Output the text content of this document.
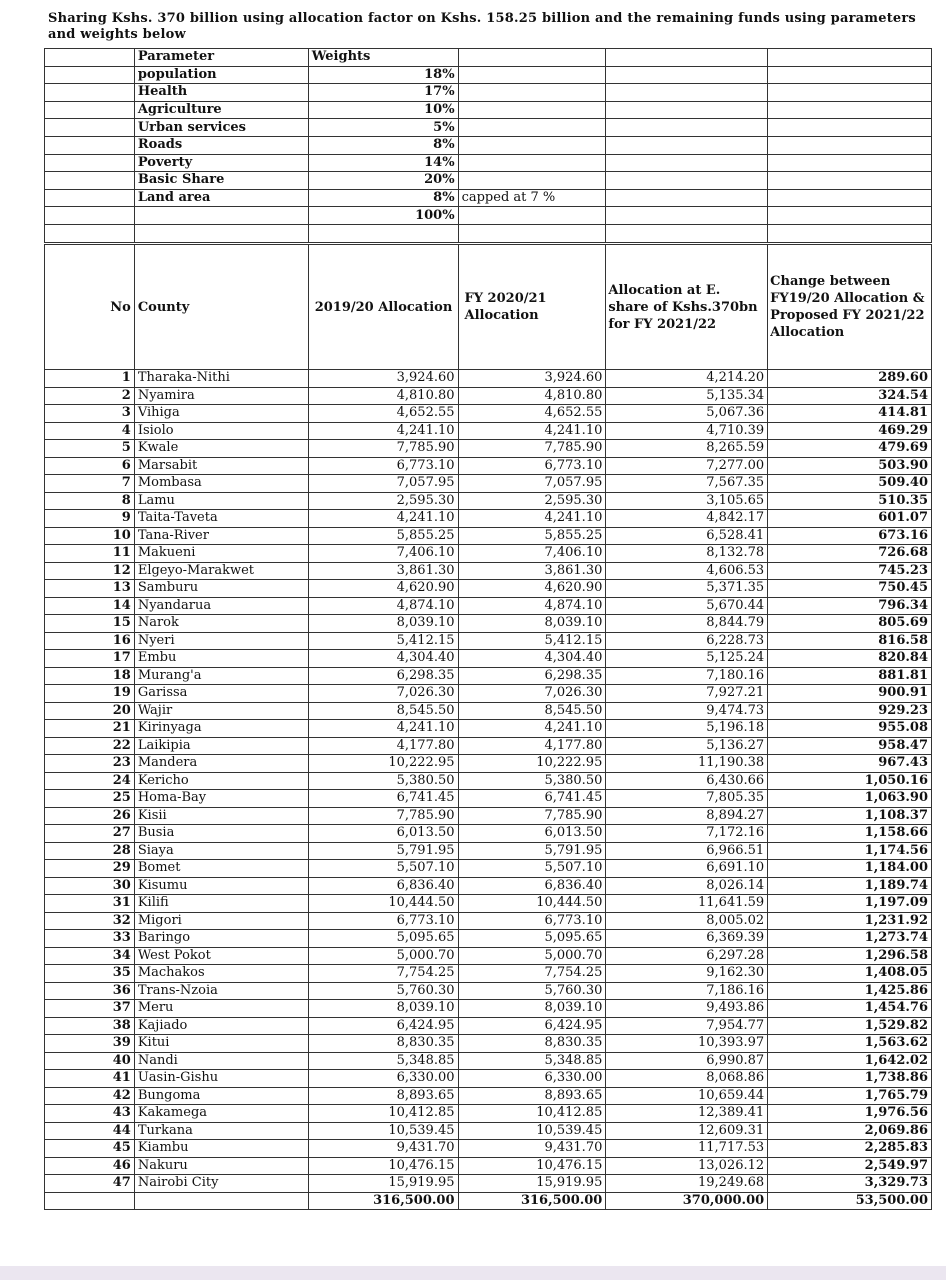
Sharing Kshs. 370 billion using allocation factor on Kshs. 158.25 billion and the remaining funds using parameters and weights below
	Parameter	Weights			
	population	18%			
	Health	17%			
	Agriculture	10%			
	Urban services	5%			
	Roads	8%			
	Poverty	14%			
	Basic Share	20%			
	Land area	8%	capped at 7 %		
		100%			

No	County	2019/20 Allocation	FY 2020/21 Allocation	Allocation at E. share of Kshs.370bn for FY 2021/22	Change between FY19/20 Allocation & Proposed FY 2021/22 Allocation
1	Tharaka-Nithi	3,924.60	3,924.60	4,214.20	289.60
2	Nyamira	4,810.80	4,810.80	5,135.34	324.54
3	Vihiga	4,652.55	4,652.55	5,067.36	414.81
4	Isiolo	4,241.10	4,241.10	4,710.39	469.29
5	Kwale	7,785.90	7,785.90	8,265.59	479.69
6	Marsabit	6,773.10	6,773.10	7,277.00	503.90
7	Mombasa	7,057.95	7,057.95	7,567.35	509.40
8	Lamu	2,595.30	2,595.30	3,105.65	510.35
9	Taita-Taveta	4,241.10	4,241.10	4,842.17	601.07
10	Tana-River	5,855.25	5,855.25	6,528.41	673.16
11	Makueni	7,406.10	7,406.10	8,132.78	726.68
12	Elgeyo-Marakwet	3,861.30	3,861.30	4,606.53	745.23
13	Samburu	4,620.90	4,620.90	5,371.35	750.45
14	Nyandarua	4,874.10	4,874.10	5,670.44	796.34
15	Narok	8,039.10	8,039.10	8,844.79	805.69
16	Nyeri	5,412.15	5,412.15	6,228.73	816.58
17	Embu	4,304.40	4,304.40	5,125.24	820.84
18	Murang'a	6,298.35	6,298.35	7,180.16	881.81
19	Garissa	7,026.30	7,026.30	7,927.21	900.91
20	Wajir	8,545.50	8,545.50	9,474.73	929.23
21	Kirinyaga	4,241.10	4,241.10	5,196.18	955.08
22	Laikipia	4,177.80	4,177.80	5,136.27	958.47
23	Mandera	10,222.95	10,222.95	11,190.38	967.43
24	Kericho	5,380.50	5,380.50	6,430.66	1,050.16
25	Homa-Bay	6,741.45	6,741.45	7,805.35	1,063.90
26	Kisii	7,785.90	7,785.90	8,894.27	1,108.37
27	Busia	6,013.50	6,013.50	7,172.16	1,158.66
28	Siaya	5,791.95	5,791.95	6,966.51	1,174.56
29	Bomet	5,507.10	5,507.10	6,691.10	1,184.00
30	Kisumu	6,836.40	6,836.40	8,026.14	1,189.74
31	Kilifi	10,444.50	10,444.50	11,641.59	1,197.09
32	Migori	6,773.10	6,773.10	8,005.02	1,231.92
33	Baringo	5,095.65	5,095.65	6,369.39	1,273.74
34	West Pokot	5,000.70	5,000.70	6,297.28	1,296.58
35	Machakos	7,754.25	7,754.25	9,162.30	1,408.05
36	Trans-Nzoia	5,760.30	5,760.30	7,186.16	1,425.86
37	Meru	8,039.10	8,039.10	9,493.86	1,454.76
38	Kajiado	6,424.95	6,424.95	7,954.77	1,529.82
39	Kitui	8,830.35	8,830.35	10,393.97	1,563.62
40	Nandi	5,348.85	5,348.85	6,990.87	1,642.02
41	Uasin-Gishu	6,330.00	6,330.00	8,068.86	1,738.86
42	Bungoma	8,893.65	8,893.65	10,659.44	1,765.79
43	Kakamega	10,412.85	10,412.85	12,389.41	1,976.56
44	Turkana	10,539.45	10,539.45	12,609.31	2,069.86
45	Kiambu	9,431.70	9,431.70	11,717.53	2,285.83
46	Nakuru	10,476.15	10,476.15	13,026.12	2,549.97
47	Nairobi City	15,919.95	15,919.95	19,249.68	3,329.73
		316,500.00	316,500.00	370,000.00	53,500.00
